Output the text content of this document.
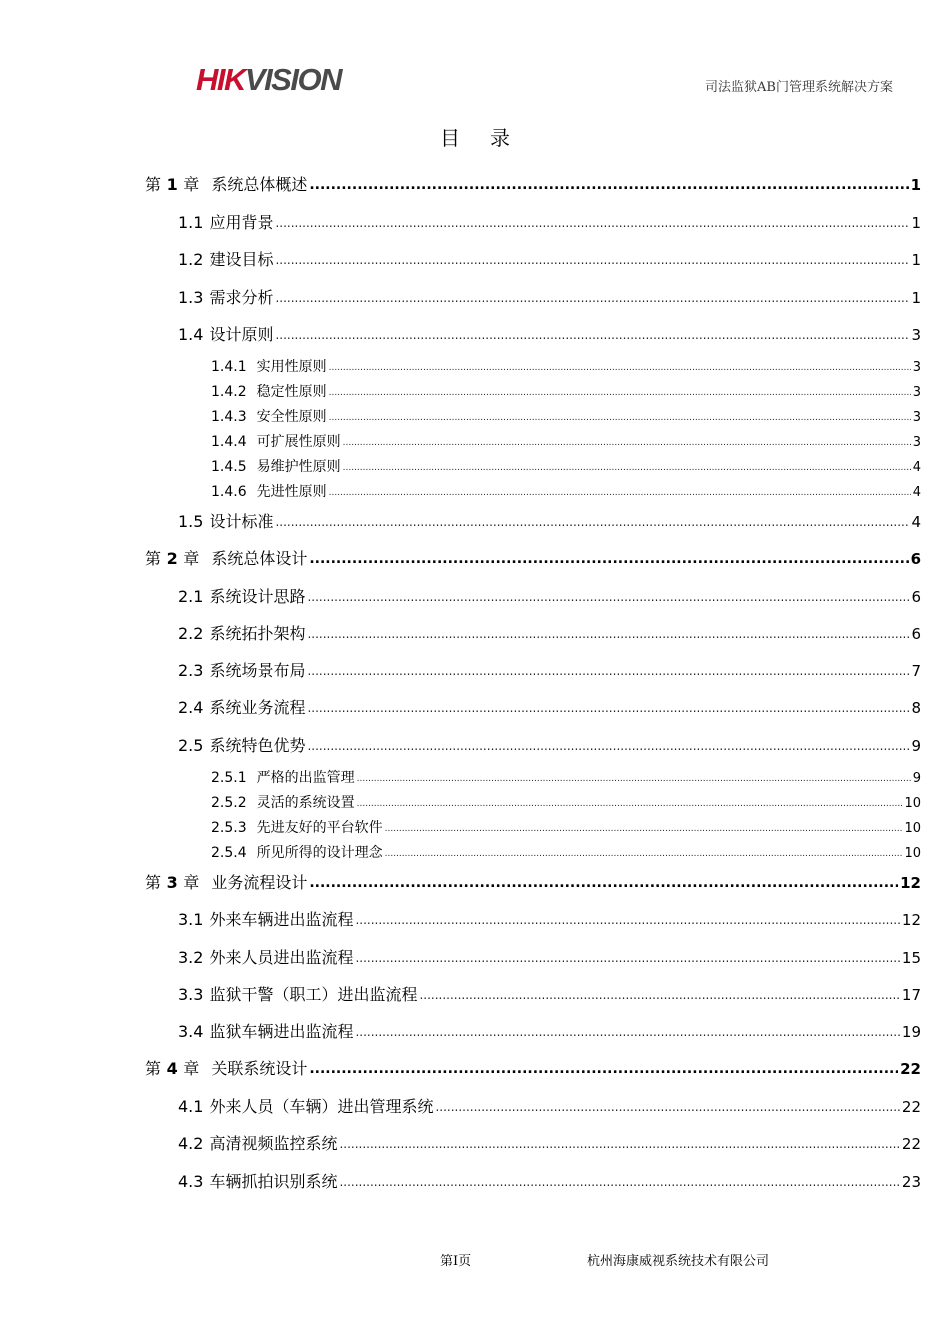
HIKVISION	司法监狱AB门管理系统解决方案
目录
第 1 章 系统总体概述 .....	1
1.1 应用背景 .....	1
1.2 建设目标 .....	1
1.3 需求分析 .....	1
1.4 设计原则 .....	3
1.4.1 实用性原则 .....	3
1.4.2 稳定性原则 .....	3
1.4.3 安全性原则 .....	3
1.4.4 可扩展性原则 .....	3
1.4.5 易维护性原则 .....	4
1.4.6 先进性原则 .....	4
1.5 设计标准 .....	4
第 2 章 系统总体设计 .....	6
2.1 系统设计思路 .....	6
2.2 系统拓扑架构 .....	6
2.3 系统场景布局 .....	7
2.4 系统业务流程 .....	8
2.5 系统特色优势 .....	9
2.5.1 严格的出监管理 .....	9
2.5.2 灵活的系统设置 .....	10
2.5.3 先进友好的平台软件 .....	10
2.5.4 所见所得的设计理念 .....	10
第 3 章 业务流程设计 .....	12
3.1 外来车辆进出监流程 .....	12
3.2 外来人员进出监流程 .....	15
3.3 监狱干警（职工）进出监流程 .....	17
3.4 监狱车辆进出监流程 .....	19
第 4 章 关联系统设计 .....	22
4.1 外来人员（车辆）进出管理系统 .....	22
4.2 高清视频监控系统 .....	22
4.3 车辆抓拍识别系统 .....	23
第I页	杭州海康威视系统技术有限公司
